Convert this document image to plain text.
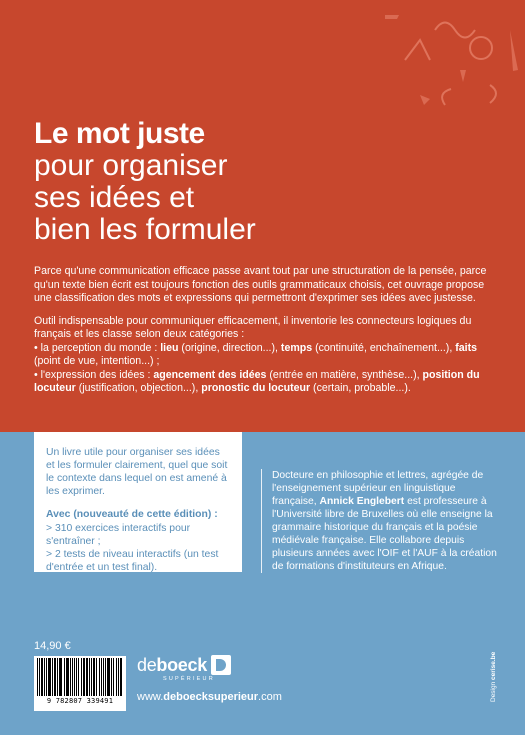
Le mot juste
pour organiser
ses idées et
bien les formuler

Parce qu'une communication efficace passe avant tout par une structuration de la pensée, parce qu'un texte bien écrit est toujours fonction des outils grammaticaux choisis, cet ouvrage propose une classification des mots et expressions qui permettront d'exprimer ses idées avec justesse.

Outil indispensable pour communiquer efficacement, il inventorie les connecteurs logiques du français et les classe selon deux catégories :
• la perception du monde : lieu (origine, direction...), temps (continuité, enchaînement...), faits (point de vue, intention...) ;
• l'expression des idées : agencement des idées (entrée en matière, synthèse...), position du locuteur (justification, objection...), pronostic du locuteur (certain, probable...).

Un livre utile pour organiser ses idées et les formuler clairement, quel que soit le contexte dans lequel on est amené à les exprimer.
Avec (nouveauté de cette édition) :
> 310 exercices interactifs pour s'entraîner ;
> 2 tests de niveau interactifs (un test d'entrée et un test final).
Docteure en philosophie et lettres, agrégée de l'enseignement supérieur en linguistique française, Annick Englebert est professeure à l'Université libre de Bruxelles où elle enseigne la grammaire historique du français et la poésie médiévale française. Elle collabore depuis plusieurs années avec l'OIF et l'AUF à la création de formations d'instituteurs en Afrique.
14,90 €
9 782807 339491
de boeck
SUPÉRIEUR
www.deboecksuperieur.com	Design cerise.be
